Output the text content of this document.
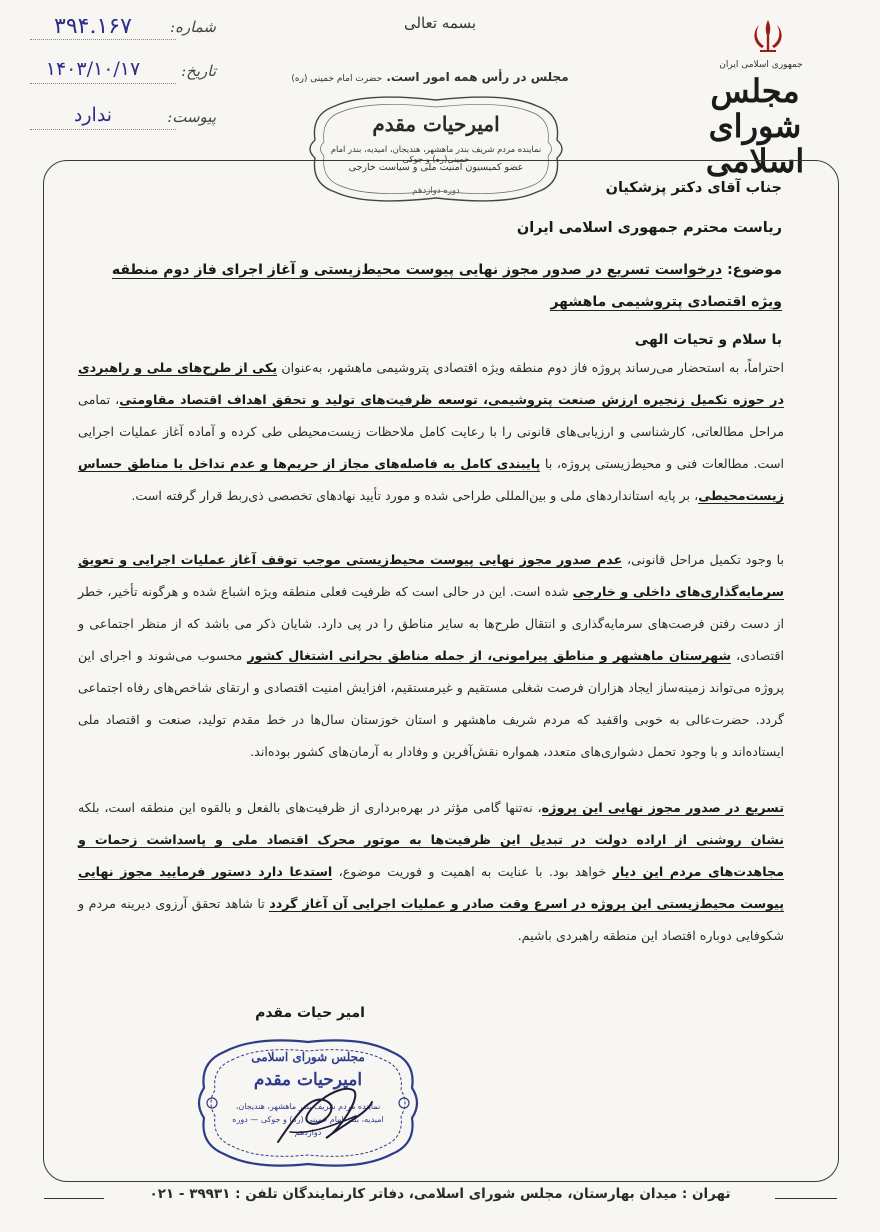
جمهوری اسلامی ایران
مجلس شورای اسلامی
بسمه تعالی
مجلس در رأس همه امور است. حضرت امام خمینی (ره)
امیرحیات مقدم
نماینده مردم شریف بندر ماهشهر، هندیجان، امیدیه، بندر امام خمینی(ره) و جوکی
عضو کمیسیون امنیت ملی و سیاست خارجی
دوره دوازدهم
شماره:
۳۹۴.۱۶۷
تاریخ:
۱۴۰۳/۱۰/۱۷
پیوست:
ندارد
جناب آقای دکتر پزشکیان
ریاست محترم جمهوری اسلامی ایران
موضوع: درخواست تسریع در صدور مجوز نهایی پیوست محیط‌زیستی و آغاز اجرای فاز دوم منطقه ویژه اقتصادی پتروشیمی ماهشهر
با سلام و تحیات الهی

احتراماً، به استحضار می‌رساند پروژه فاز دوم منطقه ویژه اقتصادی پتروشیمی ماهشهر، به‌عنوان یکی از طرح‌های ملی و راهبردی در حوزه تکمیل زنجیره ارزش صنعت پتروشیمی، توسعه ظرفیت‌های تولید و تحقق اهداف اقتصاد مقاومتی، تمامی مراحل مطالعاتی، کارشناسی و ارزیابی‌های قانونی را با رعایت کامل ملاحظات زیست‌محیطی طی کرده و آماده آغاز عملیات اجرایی است. مطالعات فنی و محیط‌زیستی پروژه، با پایبندی کامل به فاصله‌های مجاز از حریم‌ها و عدم تداخل با مناطق حساس زیست‌محیطی، بر پایه استانداردهای ملی و بین‌المللی طراحی شده و مورد تأیید نهادهای تخصصی ذی‌ربط قرار گرفته است.

با وجود تکمیل مراحل قانونی، عدم صدور مجوز نهایی پیوست محیط‌زیستی موجب توقف آغاز عملیات اجرایی و تعویق سرمایه‌گذاری‌های داخلی و خارجی شده است. این در حالی است که ظرفیت فعلی منطقه ویژه اشباع شده و هرگونه تأخیر، خطر از دست رفتن فرصت‌های سرمایه‌گذاری و انتقال طرح‌ها به سایر مناطق را در پی دارد. شایان ذکر می باشد که از منظر اجتماعی و اقتصادی، شهرستان ماهشهر و مناطق پیرامونی، از جمله مناطق بحرانی اشتغال کشور محسوب می‌شوند و اجرای این پروژه می‌تواند زمینه‌ساز ایجاد هزاران فرصت شغلی مستقیم و غیرمستقیم، افزایش امنیت اقتصادی و ارتقای شاخص‌های رفاه اجتماعی گردد. حضرت‌عالی به خوبی واقفید که مردم شریف ماهشهر و استان خوزستان سال‌ها در خط مقدم تولید، صنعت و اقتصاد ملی ایستاده‌اند و با وجود تحمل دشواری‌های متعدد، همواره نقش‌آفرین و وفادار به آرمان‌های کشور بوده‌اند.

تسریع در صدور مجوز نهایی این پروژه، نه‌تنها گامی مؤثر در بهره‌برداری از ظرفیت‌های بالفعل و بالقوه این منطقه است، بلکه نشان روشنی از اراده دولت در تبدیل این ظرفیت‌ها به موتور محرک اقتصاد ملی و پاسداشت زحمات و مجاهدت‌های مردم این دیار خواهد بود. با عنایت به اهمیت و فوریت موضوع، استدعا دارد دستور فرمایید مجوز نهایی پیوست محیط‌زیستی این پروژه در اسرع وقت صادر و عملیات اجرایی آن آغاز گردد تا شاهد تحقق آرزوی دیرینه مردم و شکوفایی دوباره اقتصاد این منطقه راهبردی باشیم.

امیر حیات مقدم
مجلس شورای اسلامی
امیرحیات مقدم
نماینده مردم شریف بندر ماهشهر، هندیجان، امیدیه، بندر امام خمینی (ره) و جوکی — دوره دوازدهم
تهران : میدان بهارستان، مجلس شورای اسلامی، دفاتر کارنمایندگان تلفن : ۳۹۹۳۱ - ۰۲۱
